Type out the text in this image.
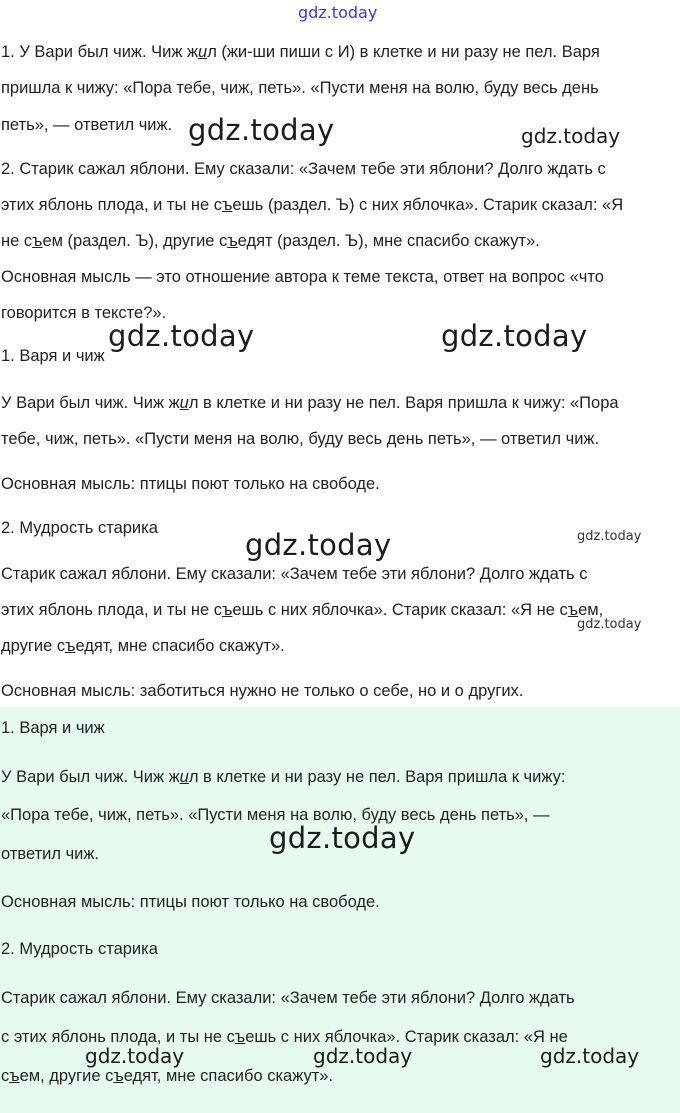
gdz.today
1. У Вари был чиж. Чиж жил (жи-ши пиши с И) в клетке и ни разу не пел. Варя
пришла к чижу: «Пора тебе, чиж, петь». «Пусти меня на волю, буду весь день
петь», — ответил чиж.
2. Старик сажал яблони. Ему сказали: «Зачем тебе эти яблони? Долго ждать с
этих яблонь плода, и ты не съешь (раздел. Ъ) с них яблочка». Старик сказал: «Я
не съем (раздел. Ъ), другие съедят (раздел. Ъ), мне спасибо скажут».
Основная мысль — это отношение автора к теме текста, ответ на вопрос «что
говорится в тексте?».
1. Варя и чиж
У Вари был чиж. Чиж жил в клетке и ни разу не пел. Варя пришла к чижу: «Пора
тебе, чиж, петь». «Пусти меня на волю, буду весь день петь», — ответил чиж.
Основная мысль: птицы поют только на свободе.
2. Мудрость старика
Старик сажал яблони. Ему сказали: «Зачем тебе эти яблони? Долго ждать с
этих яблонь плода, и ты не съешь с них яблочка». Старик сказал: «Я не съем,
другие съедят, мне спасибо скажут».
Основная мысль: заботиться нужно не только о себе, но и о других.
1. Варя и чиж
У Вари был чиж. Чиж жил в клетке и ни разу не пел. Варя пришла к чижу:
«Пора тебе, чиж, петь». «Пусти меня на волю, буду весь день петь», —
ответил чиж.
Основная мысль: птицы поют только на свободе.
2. Мудрость старика
Старик сажал яблони. Ему сказали: «Зачем тебе эти яблони? Долго ждать
с этих яблонь плода, и ты не съешь с них яблочка». Старик сказал: «Я не
съем, другие съедят, мне спасибо скажут».
gdz.today	gdz.today
gdz.today	gdz.today
gdz.today	gdz.today
gdz.today
gdz.today
gdz.today	gdz.today	gdz.today
